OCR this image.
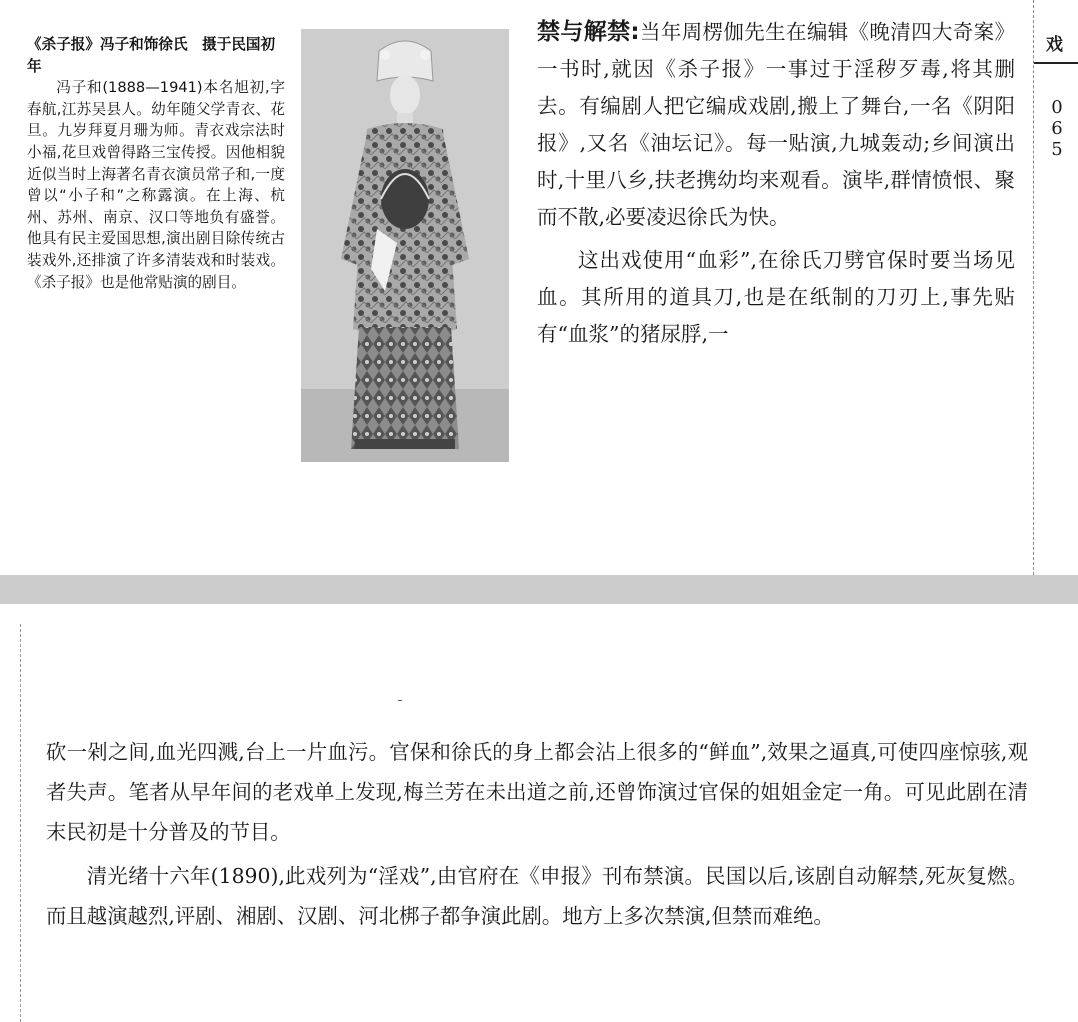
《杀子报》冯子和饰徐氏　摄于民国初年

冯子和(1888—1941)本名旭初,字春航,江苏吴县人。幼年随父学青衣、花旦。九岁拜夏月珊为师。青衣戏宗法时小福,花旦戏曾得路三宝传授。因他相貌近似当时上海著名青衣演员常子和,一度曾以“小子和”之称露演。在上海、杭州、苏州、南京、汉口等地负有盛誉。他具有民主爱国思想,演出剧目除传统古装戏外,还排演了许多清装戏和时装戏。《杀子报》也是他常贴演的剧目。

禁与解禁:当年周楞伽先生在编辑《晚清四大奇案》一书时,就因《杀子报》一事过于淫秽歹毒,将其删去。有编剧人把它编成戏剧,搬上了舞台,一名《阴阳报》,又名《油坛记》。每一贴演,九城轰动;乡间演出时,十里八乡,扶老携幼均来观看。演毕,群情愤恨、聚而不散,必要凌迟徐氏为快。

这出戏使用“血彩”,在徐氏刀劈官保时要当场见血。其所用的道具刀,也是在纸制的刀刃上,事先贴有“血浆”的猪尿脬,一

戏
065

砍一剁之间,血光四溅,台上一片血污。官保和徐氏的身上都会沾上很多的“鲜血”,效果之逼真,可使四座惊骇,观者失声。笔者从早年间的老戏单上发现,梅兰芳在未出道之前,还曾饰演过官保的姐姐金定一角。可见此剧在清末民初是十分普及的节目。

清光绪十六年(1890),此戏列为“淫戏”,由官府在《申报》刊布禁演。民国以后,该剧自动解禁,死灰复燃。而且越演越烈,评剧、湘剧、汉剧、河北梆子都争演此剧。地方上多次禁演,但禁而难绝。
